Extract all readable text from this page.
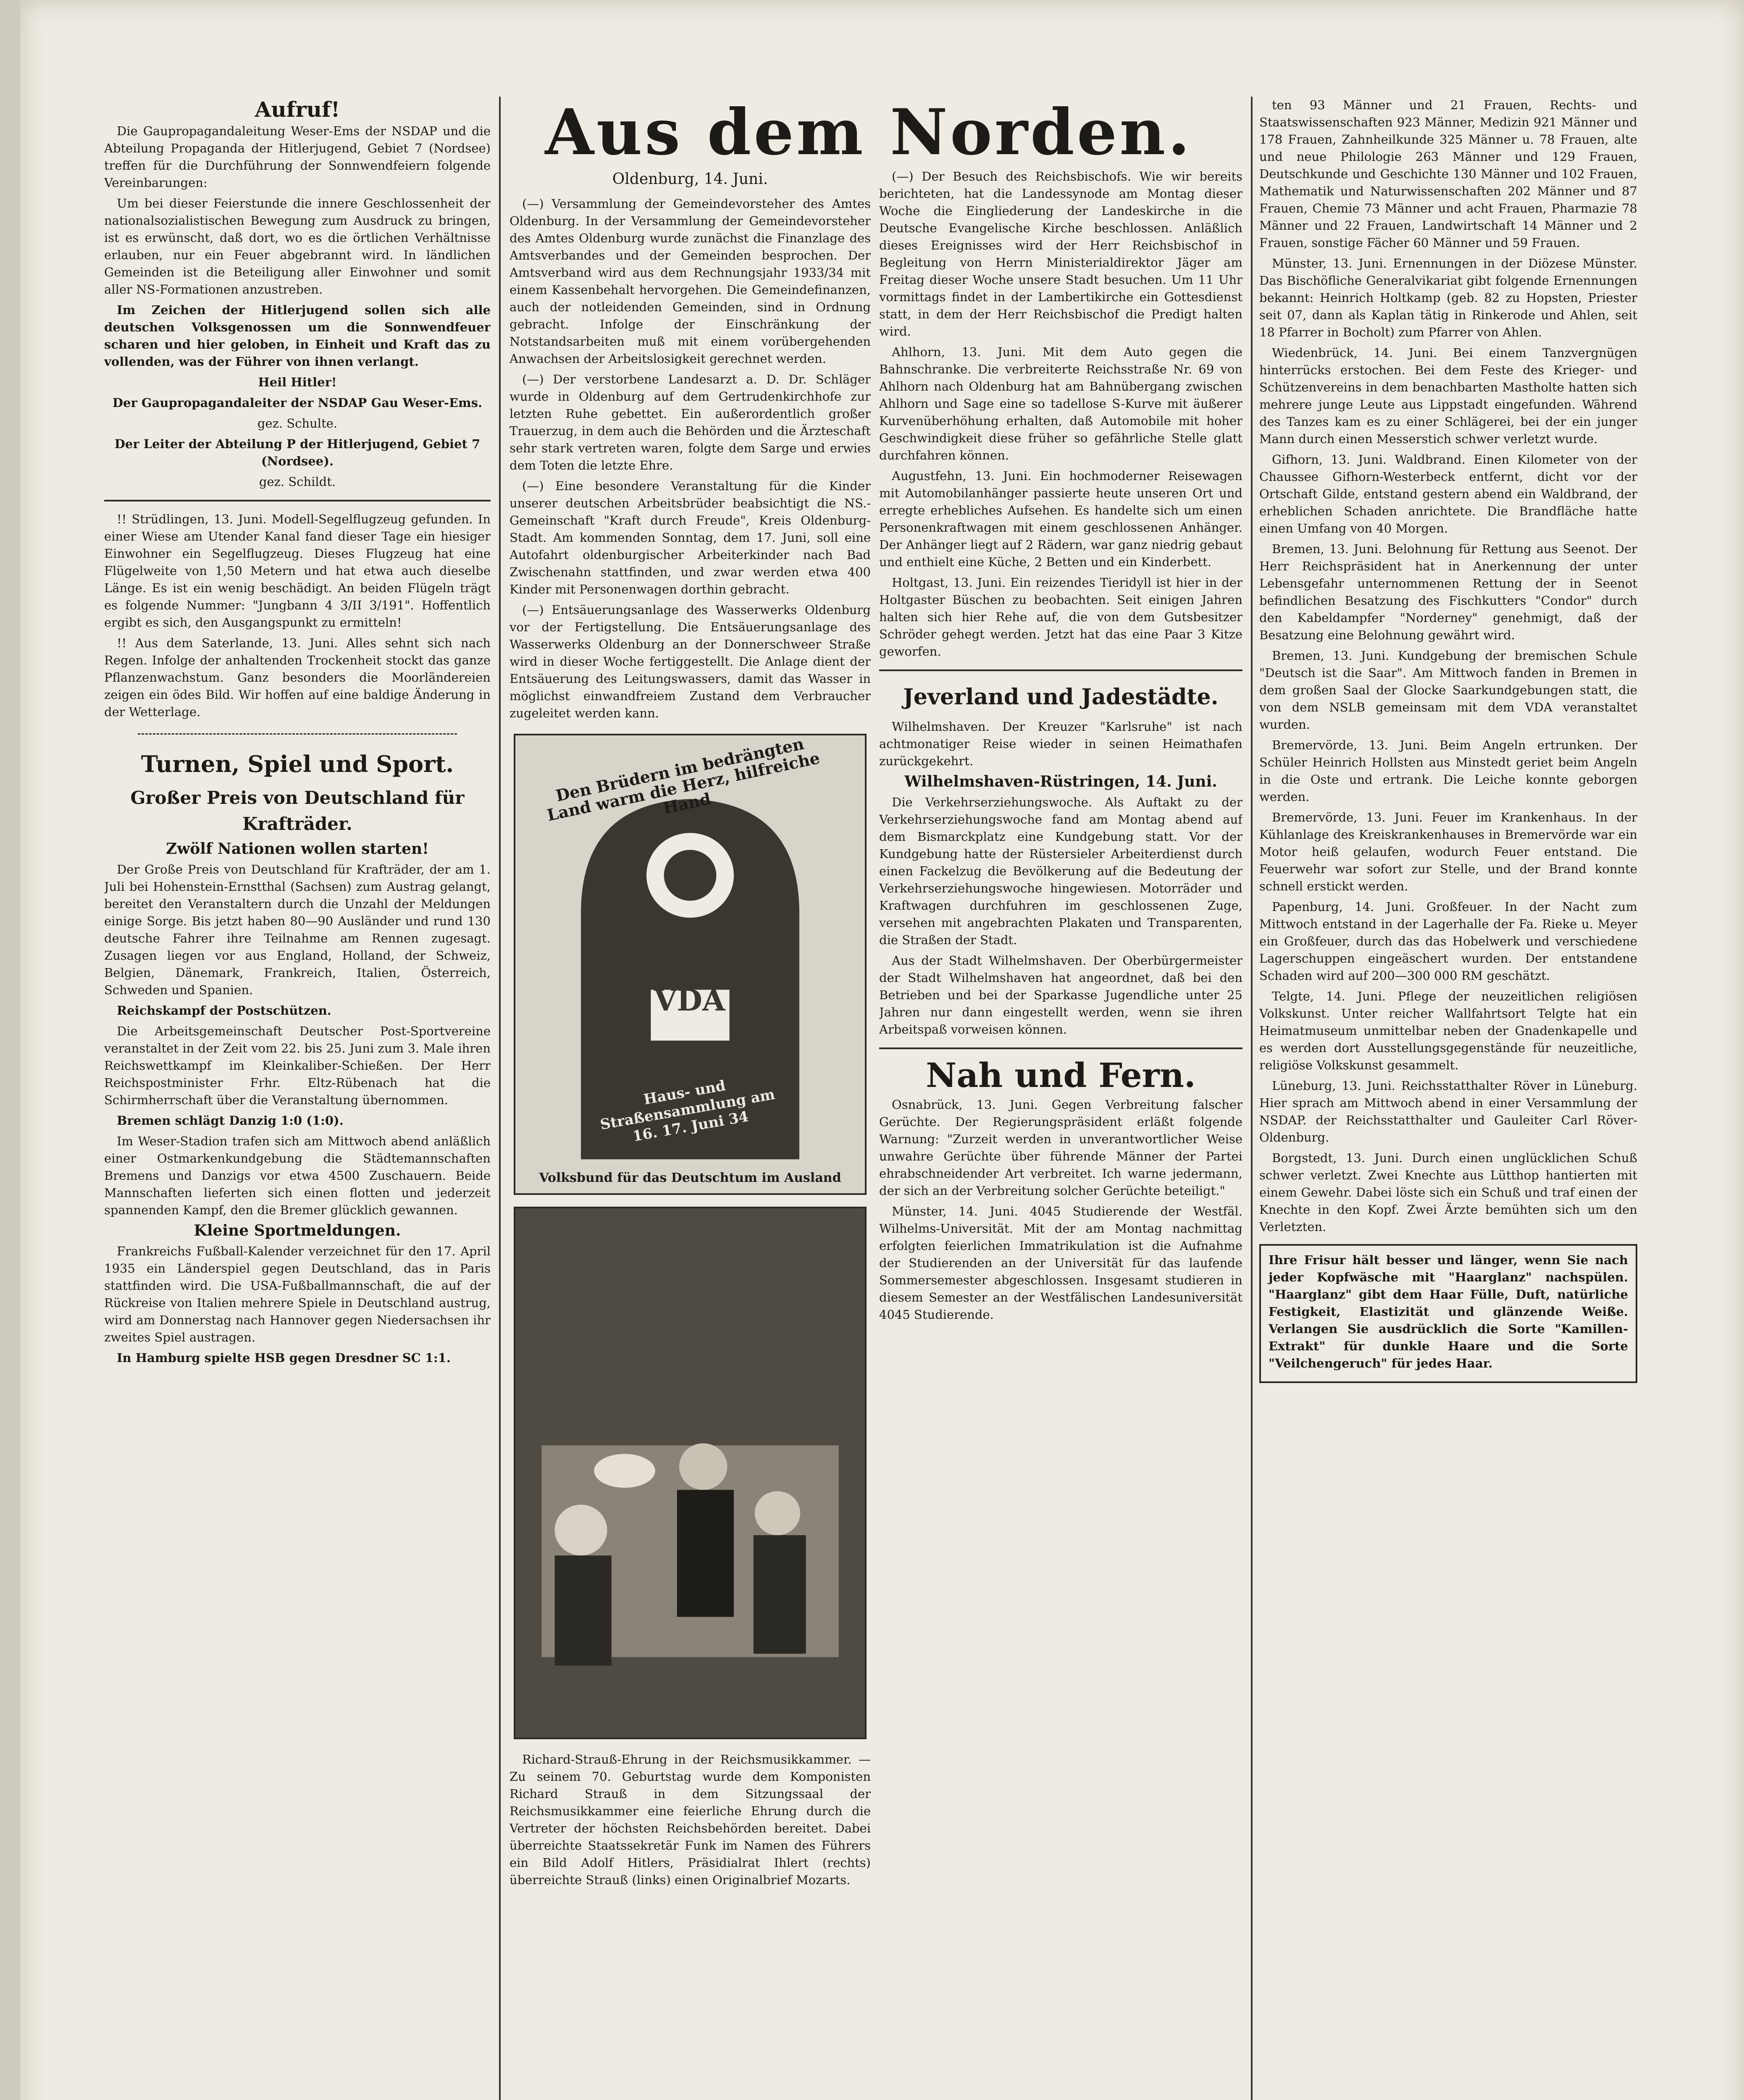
Aufruf!

Die Gaupropagandaleitung Weser-Ems der NSDAP und die Abteilung Propaganda der Hitlerjugend, Gebiet 7 (Nordsee) treffen für die Durchführung der Sonnwendfeiern folgende Vereinbarungen:

Um bei dieser Feierstunde die innere Geschlossenheit der nationalsozialistischen Bewegung zum Ausdruck zu bringen, ist es erwünscht, daß dort, wo es die örtlichen Verhältnisse erlauben, nur ein Feuer abgebrannt wird. In ländlichen Gemeinden ist die Beteiligung aller Einwohner und somit aller NS-Formationen anzustreben.

Im Zeichen der Hitlerjugend sollen sich alle deutschen Volksgenossen um die Sonnwendfeuer scharen und hier geloben, in Einheit und Kraft das zu vollenden, was der Führer von ihnen verlangt.

Heil Hitler!

Der Gaupropagandaleiter der NSDAP Gau Weser-Ems.

gez. Schulte.

Der Leiter der Abteilung P der Hitlerjugend, Gebiet 7 (Nordsee).

gez. Schildt.

!! Strüdlingen, 13. Juni. Modell-Segelflugzeug gefunden. In einer Wiese am Utender Kanal fand dieser Tage ein hiesiger Einwohner ein Segelflugzeug. Dieses Flugzeug hat eine Flügelweite von 1,50 Metern und hat etwa auch dieselbe Länge. Es ist ein wenig beschädigt. An beiden Flügeln trägt es folgende Nummer: "Jungbann 4 3/II 3/191". Hoffentlich ergibt es sich, den Ausgangspunkt zu ermitteln!

!! Aus dem Saterlande, 13. Juni. Alles sehnt sich nach Regen. Infolge der anhaltenden Trockenheit stockt das ganze Pflanzenwachstum. Ganz besonders die Moorländereien zeigen ein ödes Bild. Wir hoffen auf eine baldige Änderung in der Wetterlage.

Turnen, Spiel und Sport.
Großer Preis von Deutschland für Krafträder.
Zwölf Nationen wollen starten!

Der Große Preis von Deutschland für Krafträder, der am 1. Juli bei Hohenstein-Ernstthal (Sachsen) zum Austrag gelangt, bereitet den Veranstaltern durch die Unzahl der Meldungen einige Sorge. Bis jetzt haben 80—90 Ausländer und rund 130 deutsche Fahrer ihre Teilnahme am Rennen zugesagt. Zusagen liegen vor aus England, Holland, der Schweiz, Belgien, Dänemark, Frankreich, Italien, Österreich, Schweden und Spanien.

Reichskampf der Postschützen.

Die Arbeitsgemeinschaft Deutscher Post-Sportvereine veranstaltet in der Zeit vom 22. bis 25. Juni zum 3. Male ihren Reichswettkampf im Kleinkaliber-Schießen. Der Herr Reichspostminister Frhr. Eltz-Rübenach hat die Schirmherrschaft über die Veranstaltung übernommen.

Bremen schlägt Danzig 1:0 (1:0).

Im Weser-Stadion trafen sich am Mittwoch abend anläßlich einer Ostmarkenkundgebung die Städtemannschaften Bremens und Danzigs vor etwa 4500 Zuschauern. Beide Mannschaften lieferten sich einen flotten und jederzeit spannenden Kampf, den die Bremer glücklich gewannen.

Kleine Sportmeldungen.

Frankreichs Fußball-Kalender verzeichnet für den 17. April 1935 ein Länderspiel gegen Deutschland, das in Paris stattfinden wird. Die USA-Fußballmannschaft, die auf der Rückreise von Italien mehrere Spiele in Deutschland austrug, wird am Donnerstag nach Hannover gegen Niedersachsen ihr zweites Spiel austragen.

In Hamburg spielte HSB gegen Dresdner SC 1:1.

Aus dem Norden.
Oldenburg, 14. Juni.

(—) Versammlung der Gemeindevorsteher des Amtes Oldenburg. In der Versammlung der Gemeindevorsteher des Amtes Oldenburg wurde zunächst die Finanzlage des Amtsverbandes und der Gemeinden besprochen. Der Amtsverband wird aus dem Rechnungsjahr 1933/34 mit einem Kassenbehalt hervorgehen. Die Gemeindefinanzen, auch der notleidenden Gemeinden, sind in Ordnung gebracht. Infolge der Einschränkung der Notstandsarbeiten muß mit einem vorübergehenden Anwachsen der Arbeitslosigkeit gerechnet werden.

(—) Der verstorbene Landesarzt a. D. Dr. Schläger wurde in Oldenburg auf dem Gertrudenkirchhofe zur letzten Ruhe gebettet. Ein außerordentlich großer Trauerzug, in dem auch die Behörden und die Ärzteschaft sehr stark vertreten waren, folgte dem Sarge und erwies dem Toten die letzte Ehre.

(—) Eine besondere Veranstaltung für die Kinder unserer deutschen Arbeitsbrüder beabsichtigt die NS.-Gemeinschaft "Kraft durch Freude", Kreis Oldenburg-Stadt. Am kommenden Sonntag, dem 17. Juni, soll eine Autofahrt oldenburgischer Arbeiterkinder nach Bad Zwischenahn stattfinden, und zwar werden etwa 400 Kinder mit Personenwagen dorthin gebracht.

(—) Entsäuerungsanlage des Wasserwerks Oldenburg vor der Fertigstellung. Die Entsäuerungsanlage des Wasserwerks Oldenburg an der Donnerschweer Straße wird in dieser Woche fertiggestellt. Die Anlage dient der Entsäuerung des Leitungswassers, damit das Wasser in möglichst einwandfreiem Zustand dem Verbraucher zugeleitet werden kann.

Den Brüdern im bedrängten Land warm die Herz, hilfreiche Hand
VDA
Haus- und Straßensammlung am 16. 17. Juni 34
Volksbund für das Deutschtum im Ausland

Richard-Strauß-Ehrung in der Reichsmusikkammer. — Zu seinem 70. Geburtstag wurde dem Komponisten Richard Strauß in dem Sitzungssaal der Reichsmusikkammer eine feierliche Ehrung durch die Vertreter der höchsten Reichsbehörden bereitet. Dabei überreichte Staatssekretär Funk im Namen des Führers ein Bild Adolf Hitlers, Präsidialrat Ihlert (rechts) überreichte Strauß (links) einen Originalbrief Mozarts.

(—) Der Besuch des Reichsbischofs. Wie wir bereits berichteten, hat die Landessynode am Montag dieser Woche die Eingliederung der Landeskirche in die Deutsche Evangelische Kirche beschlossen. Anläßlich dieses Ereignisses wird der Herr Reichsbischof in Begleitung von Herrn Ministerialdirektor Jäger am Freitag dieser Woche unsere Stadt besuchen. Um 11 Uhr vormittags findet in der Lambertikirche ein Gottesdienst statt, in dem der Herr Reichsbischof die Predigt halten wird.

Ahlhorn, 13. Juni. Mit dem Auto gegen die Bahnschranke. Die verbreiterte Reichsstraße Nr. 69 von Ahlhorn nach Oldenburg hat am Bahnübergang zwischen Ahlhorn und Sage eine so tadellose S-Kurve mit äußerer Kurvenüberhöhung erhalten, daß Automobile mit hoher Geschwindigkeit diese früher so gefährliche Stelle glatt durchfahren können.

Augustfehn, 13. Juni. Ein hochmoderner Reisewagen mit Automobilanhänger passierte heute unseren Ort und erregte erhebliches Aufsehen. Es handelte sich um einen Personenkraftwagen mit einem geschlossenen Anhänger. Der Anhänger liegt auf 2 Rädern, war ganz niedrig gebaut und enthielt eine Küche, 2 Betten und ein Kinderbett.

Holtgast, 13. Juni. Ein reizendes Tieridyll ist hier in der Holtgaster Büschen zu beobachten. Seit einigen Jahren halten sich hier Rehe auf, die von dem Gutsbesitzer Schröder gehegt werden. Jetzt hat das eine Paar 3 Kitze geworfen.

Jeverland und Jadestädte.

Wilhelmshaven. Der Kreuzer "Karlsruhe" ist nach achtmonatiger Reise wieder in seinen Heimathafen zurückgekehrt.

Wilhelmshaven-Rüstringen, 14. Juni.

Die Verkehrserziehungswoche. Als Auftakt zu der Verkehrserziehungswoche fand am Montag abend auf dem Bismarckplatz eine Kundgebung statt. Vor der Kundgebung hatte der Rüstersieler Arbeiterdienst durch einen Fackelzug die Bevölkerung auf die Bedeutung der Verkehrserziehungswoche hingewiesen. Motorräder und Kraftwagen durchfuhren im geschlossenen Zuge, versehen mit angebrachten Plakaten und Transparenten, die Straßen der Stadt.

Aus der Stadt Wilhelmshaven. Der Oberbürgermeister der Stadt Wilhelmshaven hat angeordnet, daß bei den Betrieben und bei der Sparkasse Jugendliche unter 25 Jahren nur dann eingestellt werden, wenn sie ihren Arbeitspaß vorweisen können.

Nah und Fern.

Osnabrück, 13. Juni. Gegen Verbreitung falscher Gerüchte. Der Regierungspräsident erläßt folgende Warnung: "Zurzeit werden in unverantwortlicher Weise unwahre Gerüchte über führende Männer der Partei ehrabschneidender Art verbreitet. Ich warne jedermann, der sich an der Verbreitung solcher Gerüchte beteiligt."

Münster, 14. Juni. 4045 Studierende der Westfäl. Wilhelms-Universität. Mit der am Montag nachmittag erfolgten feierlichen Immatrikulation ist die Aufnahme der Studierenden an der Universität für das laufende Sommersemester abgeschlossen. Insgesamt studieren in diesem Semester an der Westfälischen Landesuniversität 4045 Studierende.

ten 93 Männer und 21 Frauen, Rechts- und Staatswissenschaften 923 Männer, Medizin 921 Männer und 178 Frauen, Zahnheilkunde 325 Männer u. 78 Frauen, alte und neue Philologie 263 Männer und 129 Frauen, Deutschkunde und Geschichte 130 Männer und 102 Frauen, Mathematik und Naturwissenschaften 202 Männer und 87 Frauen, Chemie 73 Männer und acht Frauen, Pharmazie 78 Männer und 22 Frauen, Landwirtschaft 14 Männer und 2 Frauen, sonstige Fächer 60 Männer und 59 Frauen.

Münster, 13. Juni. Ernennungen in der Diözese Münster. Das Bischöfliche Generalvikariat gibt folgende Ernennungen bekannt: Heinrich Holtkamp (geb. 82 zu Hopsten, Priester seit 07, dann als Kaplan tätig in Rinkerode und Ahlen, seit 18 Pfarrer in Bocholt) zum Pfarrer von Ahlen.

Wiedenbrück, 14. Juni. Bei einem Tanzvergnügen hinterrücks erstochen. Bei dem Feste des Krieger- und Schützenvereins in dem benachbarten Mastholte hatten sich mehrere junge Leute aus Lippstadt eingefunden. Während des Tanzes kam es zu einer Schlägerei, bei der ein junger Mann durch einen Messerstich schwer verletzt wurde.

Gifhorn, 13. Juni. Waldbrand. Einen Kilometer von der Chaussee Gifhorn-Westerbeck entfernt, dicht vor der Ortschaft Gilde, entstand gestern abend ein Waldbrand, der erheblichen Schaden anrichtete. Die Brandfläche hatte einen Umfang von 40 Morgen.

Bremen, 13. Juni. Belohnung für Rettung aus Seenot. Der Herr Reichspräsident hat in Anerkennung der unter Lebensgefahr unternommenen Rettung der in Seenot befindlichen Besatzung des Fischkutters "Condor" durch den Kabeldampfer "Norderney" genehmigt, daß der Besatzung eine Belohnung gewährt wird.

Bremen, 13. Juni. Kundgebung der bremischen Schule "Deutsch ist die Saar". Am Mittwoch fanden in Bremen in dem großen Saal der Glocke Saarkundgebungen statt, die von dem NSLB gemeinsam mit dem VDA veranstaltet wurden.

Bremervörde, 13. Juni. Beim Angeln ertrunken. Der Schüler Heinrich Hollsten aus Minstedt geriet beim Angeln in die Oste und ertrank. Die Leiche konnte geborgen werden.

Bremervörde, 13. Juni. Feuer im Krankenhaus. In der Kühlanlage des Kreiskrankenhauses in Bremervörde war ein Motor heiß gelaufen, wodurch Feuer entstand. Die Feuerwehr war sofort zur Stelle, und der Brand konnte schnell erstickt werden.

Papenburg, 14. Juni. Großfeuer. In der Nacht zum Mittwoch entstand in der Lagerhalle der Fa. Rieke u. Meyer ein Großfeuer, durch das das Hobelwerk und verschiedene Lagerschuppen eingeäschert wurden. Der entstandene Schaden wird auf 200—300 000 RM geschätzt.

Telgte, 14. Juni. Pflege der neuzeitlichen religiösen Volkskunst. Unter reicher Wallfahrtsort Telgte hat ein Heimatmuseum unmittelbar neben der Gnadenkapelle und es werden dort Ausstellungsgegenstände für neuzeitliche, religiöse Volkskunst gesammelt.

Lüneburg, 13. Juni. Reichsstatthalter Röver in Lüneburg. Hier sprach am Mittwoch abend in einer Versammlung der NSDAP. der Reichsstatthalter und Gauleiter Carl Röver-Oldenburg.

Borgstedt, 13. Juni. Durch einen unglücklichen Schuß schwer verletzt. Zwei Knechte aus Lütthop hantierten mit einem Gewehr. Dabei löste sich ein Schuß und traf einen der Knechte in den Kopf. Zwei Ärzte bemühten sich um den Verletzten.

Ihre Frisur hält besser und länger, wenn Sie nach jeder Kopfwäsche mit "Haarglanz" nachspülen. "Haarglanz" gibt dem Haar Fülle, Duft, natürliche Festigkeit, Elastizität und glänzende Weiße. Verlangen Sie ausdrücklich die Sorte "Kamillen-Extrakt" für dunkle Haare und die Sorte "Veilchengeruch" für jedes Haar.
